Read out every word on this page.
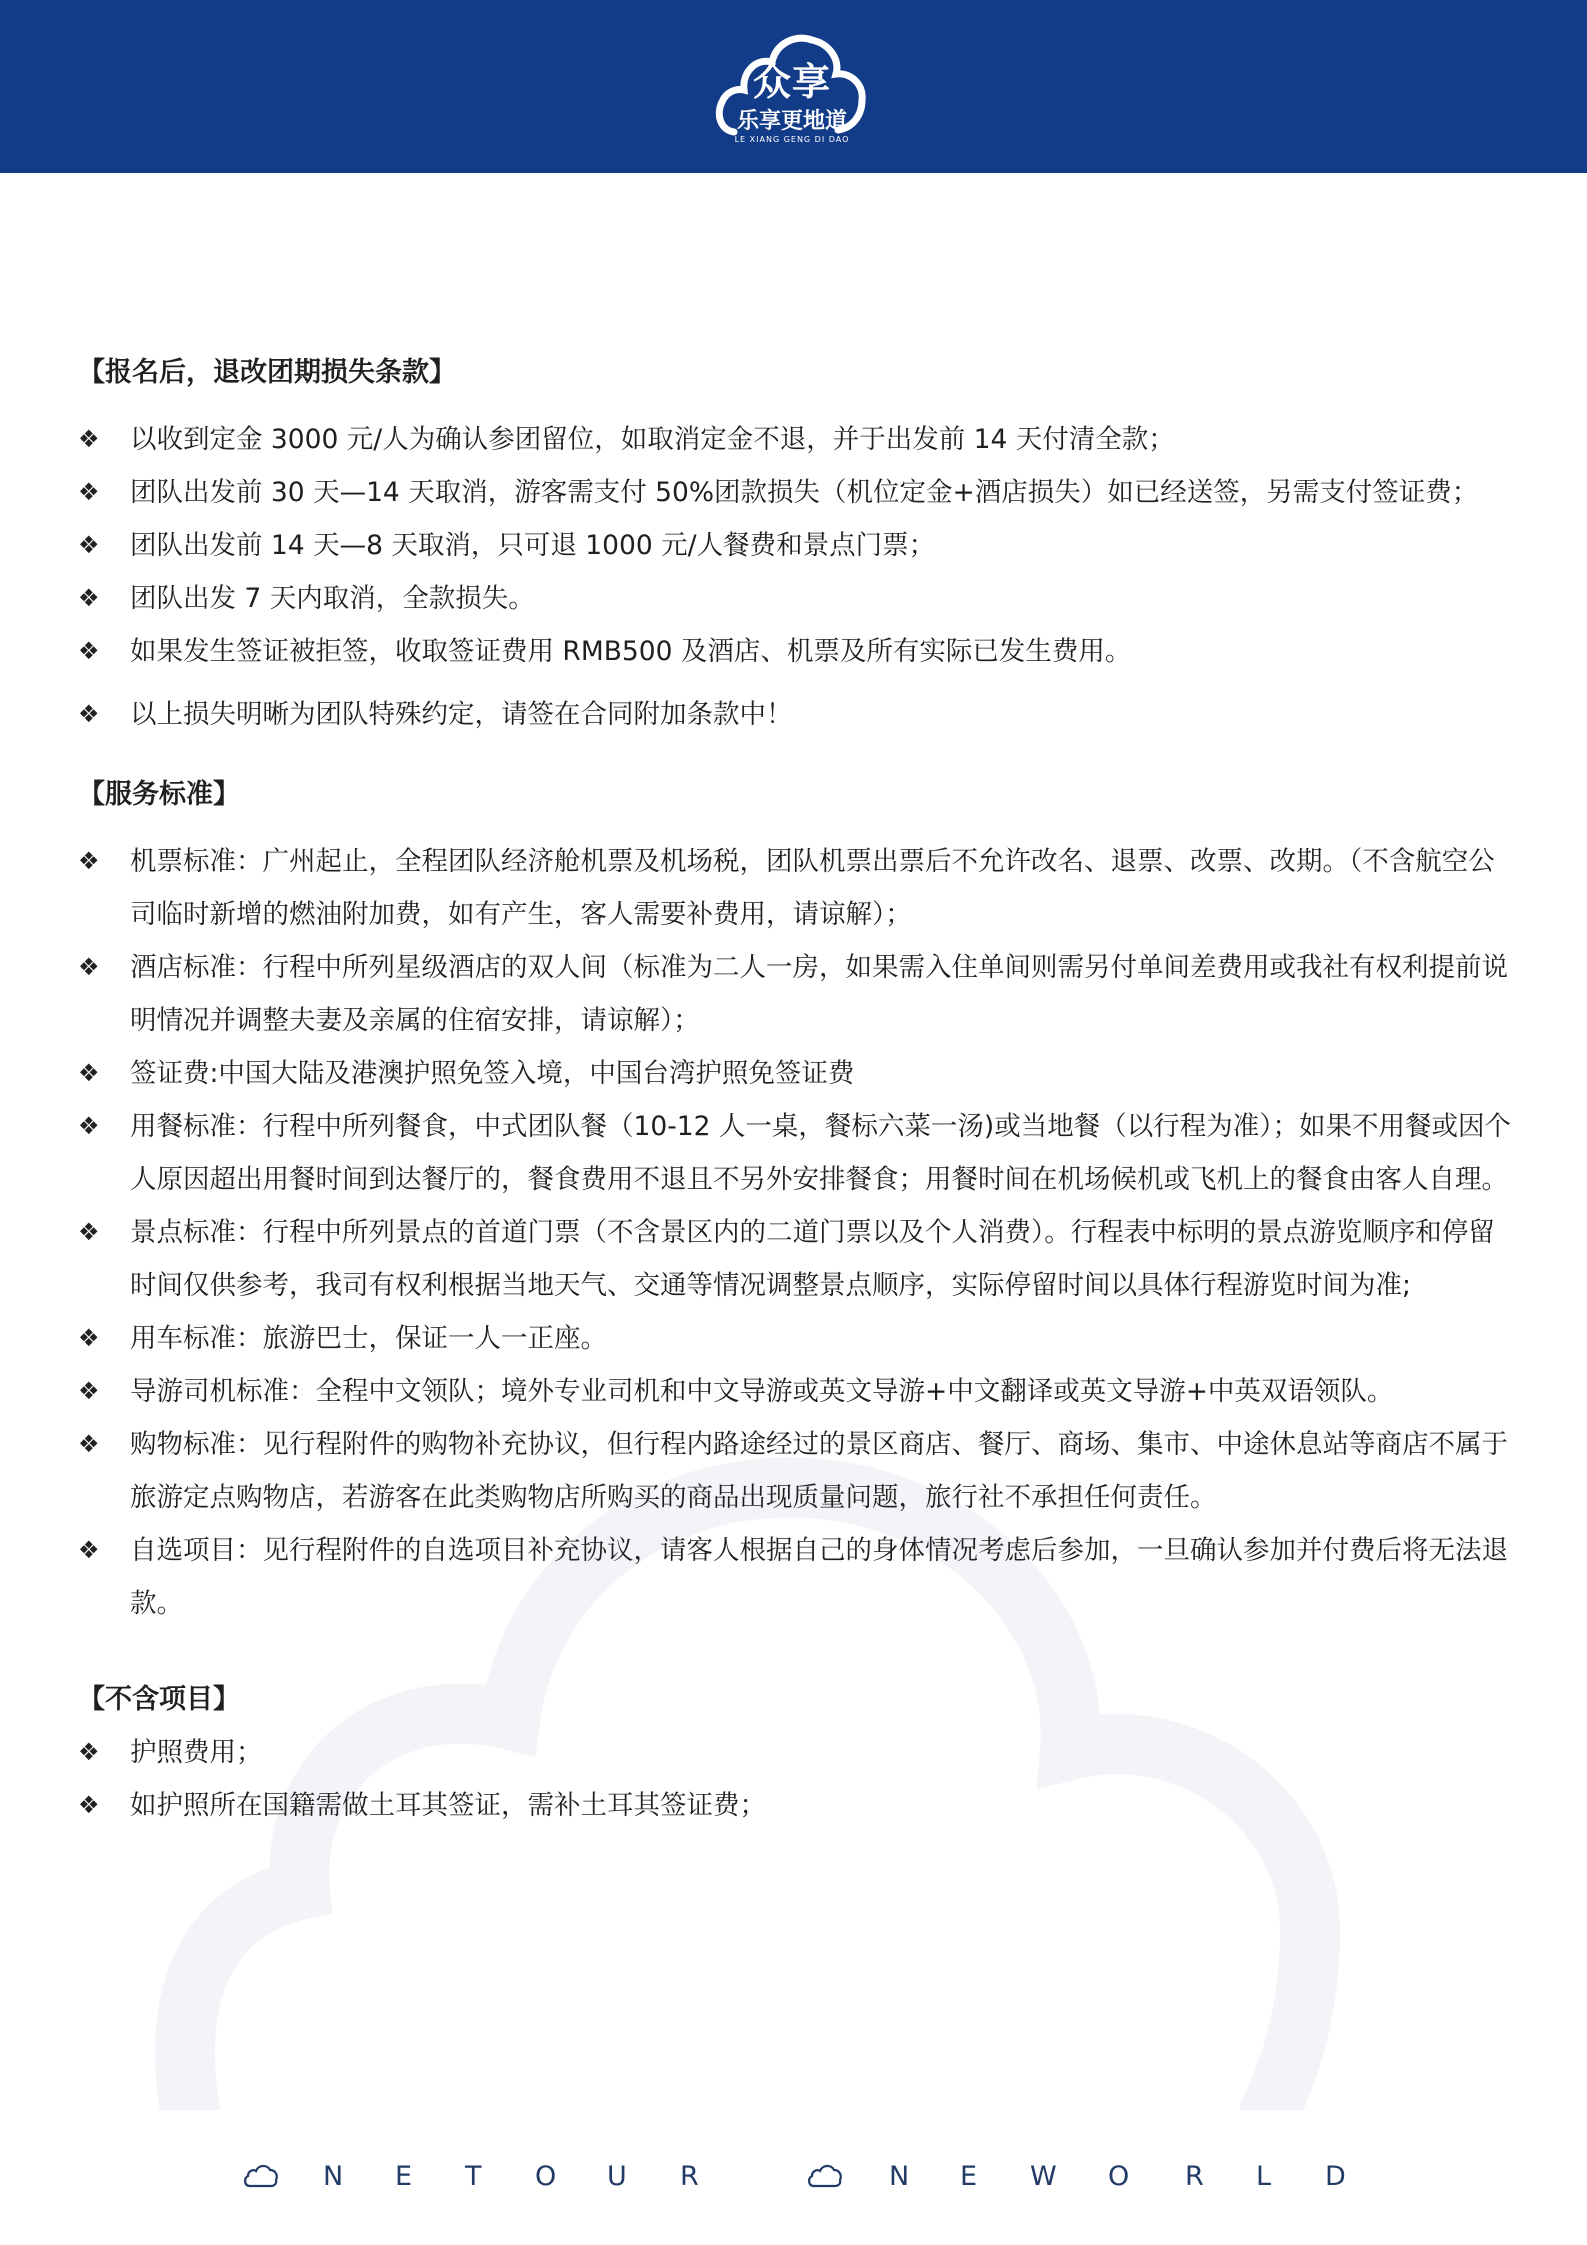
众享
乐享更地道
LE XIANG GENG DI DAO

【报名后，退改团期损失条款】

❖ 以收到定金 3000 元/人为确认参团留位，如取消定金不退，并于出发前 14 天付清全款；
❖ 团队出发前 30 天—14 天取消，游客需支付 50%团款损失（机位定金+酒店损失）如已经送签，另需支付签证费；
❖ 团队出发前 14 天—8 天取消，只可退 1000 元/人餐费和景点门票；
❖ 团队出发 7 天内取消，全款损失。
❖ 如果发生签证被拒签，收取签证费用 RMB500 及酒店、机票及所有实际已发生费用。
❖ 以上损失明晰为团队特殊约定，请签在合同附加条款中！

【服务标准】

❖ 机票标准：广州起止，全程团队经济舱机票及机场税，团队机票出票后不允许改名、退票、改票、改期。（不含航空公司临时新增的燃油附加费，如有产生，客人需要补费用，请谅解）；
❖ 酒店标准：行程中所列星级酒店的双人间（标准为二人一房，如果需入住单间则需另付单间差费用或我社有权利提前说明情况并调整夫妻及亲属的住宿安排，请谅解）；
❖ 签证费:中国大陆及港澳护照免签入境，中国台湾护照免签证费
❖ 用餐标准：行程中所列餐食，中式团队餐（10-12 人一桌，餐标六菜一汤)或当地餐（以行程为准）；如果不用餐或因个人原因超出用餐时间到达餐厅的，餐食费用不退且不另外安排餐食；用餐时间在机场候机或飞机上的餐食由客人自理。
❖ 景点标准：行程中所列景点的首道门票（不含景区内的二道门票以及个人消费）。行程表中标明的景点游览顺序和停留时间仅供参考，我司有权利根据当地天气、交通等情况调整景点顺序，实际停留时间以具体行程游览时间为准;
❖ 用车标准：旅游巴士，保证一人一正座。
❖ 导游司机标准：全程中文领队；境外专业司机和中文导游或英文导游+中文翻译或英文导游+中英双语领队。
❖ 购物标准：见行程附件的购物补充协议，但行程内路途经过的景区商店、餐厅、商场、集市、中途休息站等商店不属于旅游定点购物店，若游客在此类购物店所购买的商品出现质量问题，旅行社不承担任何责任。
❖ 自选项目：见行程附件的自选项目补充协议，请客人根据自己的身体情况考虑后参加，一旦确认参加并付费后将无法退款。

【不含项目】

❖ 护照费用；
❖ 如护照所在国籍需做土耳其签证，需补土耳其签证费；
N E T O U R	N E W O R L D
